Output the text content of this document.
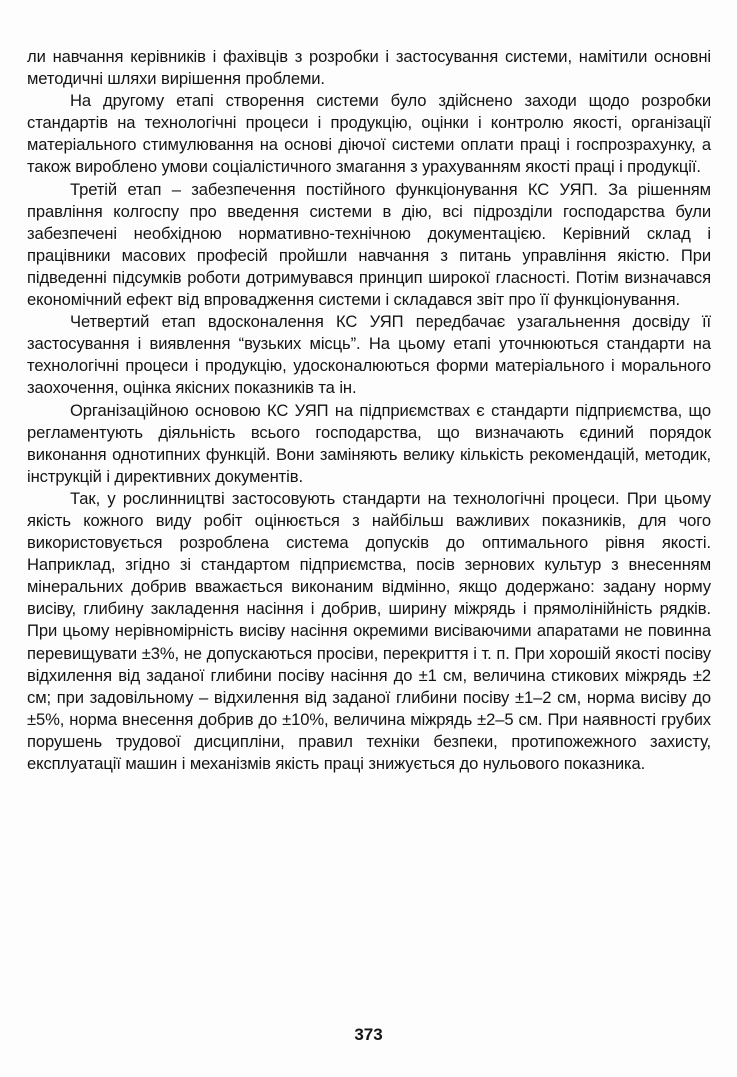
ли навчання керівників і фахівців з розробки і застосування системи, намітили основні методичні шляхи вирішення проблеми.

На другому етапі створення системи було здійснено заходи щодо розробки стандартів на технологічні процеси і продукцію, оцінки і контролю якості, організації матеріального стимулювання на основі діючої системи оплати праці і госпрозрахунку, а також вироблено умови соціалістичного змагання з урахуванням якості праці і продукції.

Третій етап – забезпечення постійного функціонування КС УЯП. За рішенням правління колгоспу про введення системи в дію, всі підрозділи господарства були забезпечені необхідною нормативно-технічною документацією. Керівний склад і працівники масових професій пройшли навчання з питань управління якістю. При підведенні підсумків роботи дотримувався принцип широкої гласності. Потім визначався економічний ефект від впровадження системи і складався звіт про її функціонування.

Четвертий етап вдосконалення КС УЯП передбачає узагальнення досвіду її застосування і виявлення “вузьких місць”. На цьому етапі уточнюються стандарти на технологічні процеси і продукцію, удосконалюються форми матеріального і морального заохочення, оцінка якісних показників та ін.

Організаційною основою КС УЯП на підприємствах є стандарти підприємства, що регламентують діяльність всього господарства, що визначають єдиний порядок виконання однотипних функцій. Вони заміняють велику кількість рекомендацій, методик, інструкцій і директивних документів.

Так, у рослинництві застосовують стандарти на технологічні процеси. При цьому якість кожного виду робіт оцінюється з найбільш важливих показників, для чого використовується розроблена система допусків до оптимального рівня якості. Наприклад, згідно зі стандартом підприємства, посів зернових культур з внесенням мінеральних добрив вважається виконаним відмінно, якщо додержано: задану норму висіву, глибину закладення насіння і добрив, ширину міжрядь і прямолінійність рядків. При цьому нерівномірність висіву насіння окремими висіваючими апаратами не повинна перевищувати ±3%, не допускаються просіви, перекриття і т. п. При хорошій якості посіву відхилення від заданої глибини посіву насіння до ±1 см, величина стикових міжрядь ±2 см; при задовільному – відхилення від заданої глибини посіву ±1–2 см, норма висіву до ±5%, норма внесення добрив до ±10%, величина міжрядь ±2–5 см. При наявності грубих порушень трудової дисципліни, правил техніки безпеки, протипожежного захисту, експлуатації машин і механізмів якість праці знижується до нульового показника.

373
